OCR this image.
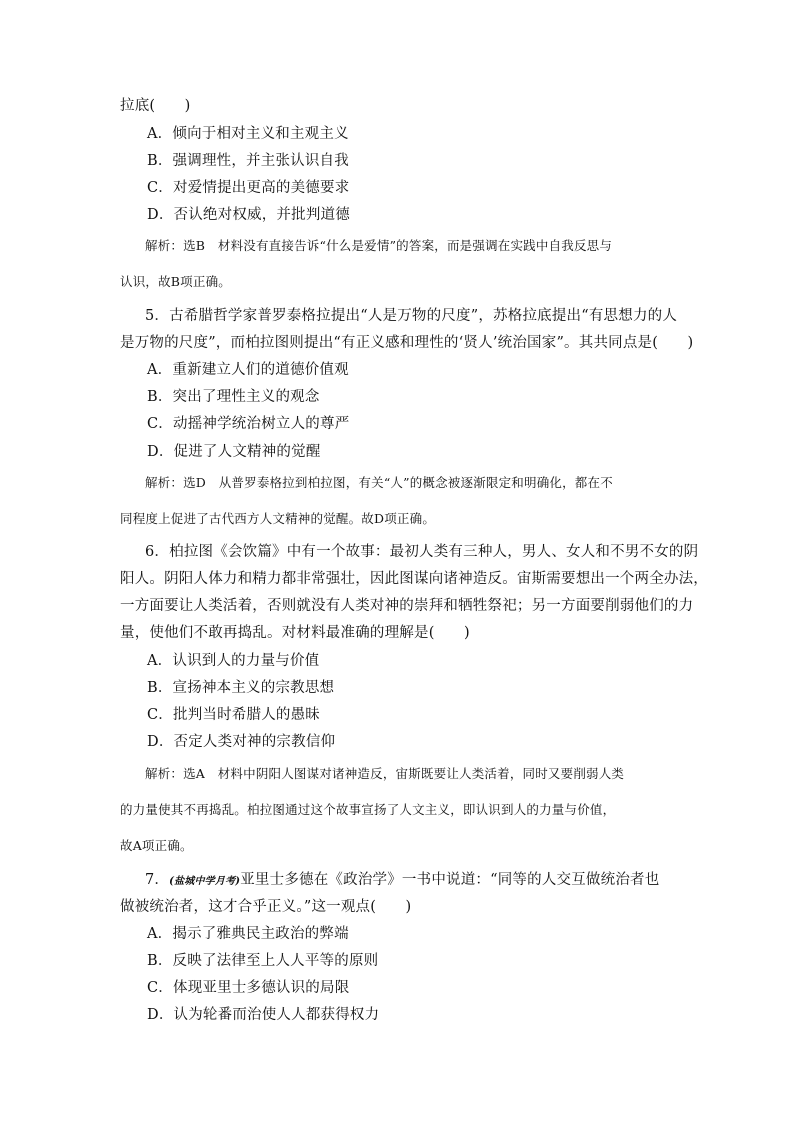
拉底(　　)
A．倾向于相对主义和主观主义
B．强调理性，并主张认识自我
C．对爱情提出更高的美德要求
D．否认绝对权威，并批判道德
解析：选B　材料没有直接告诉“什么是爱情”的答案，而是强调在实践中自我反思与
认识，故B项正确。
5．古希腊哲学家普罗泰格拉提出“人是万物的尺度”，苏格拉底提出“有思想力的人
是万物的尺度”，而柏拉图则提出“有正义感和理性的‘贤人’统治国家”。其共同点是(　　)
A．重新建立人们的道德价值观
B．突出了理性主义的观念
C．动摇神学统治树立人的尊严
D．促进了人文精神的觉醒
解析：选D　从普罗泰格拉到柏拉图，有关“人”的概念被逐渐限定和明确化，都在不
同程度上促进了古代西方人文精神的觉醒。故D项正确。
6．柏拉图《会饮篇》中有一个故事：最初人类有三种人，男人、女人和不男不女的阴
阳人。阴阳人体力和精力都非常强壮，因此图谋向诸神造反。宙斯需要想出一个两全办法，
一方面要让人类活着，否则就没有人类对神的崇拜和牺牲祭祀；另一方面要削弱他们的力
量，使他们不敢再捣乱。对材料最准确的理解是(　　)
A．认识到人的力量与价值
B．宣扬神本主义的宗教思想
C．批判当时希腊人的愚昧
D．否定人类对神的宗教信仰
解析：选A　材料中阴阳人图谋对诸神造反，宙斯既要让人类活着，同时又要削弱人类
的力量使其不再捣乱。柏拉图通过这个故事宣扬了人文主义，即认识到人的力量与价值，
故A项正确。
7．(盐城中学月考)亚里士多德在《政治学》一书中说道：“同等的人交互做统治者也
做被统治者，这才合乎正义。”这一观点(　　)
A．揭示了雅典民主政治的弊端
B．反映了法律至上人人平等的原则
C．体现亚里士多德认识的局限
D．认为轮番而治使人人都获得权力
